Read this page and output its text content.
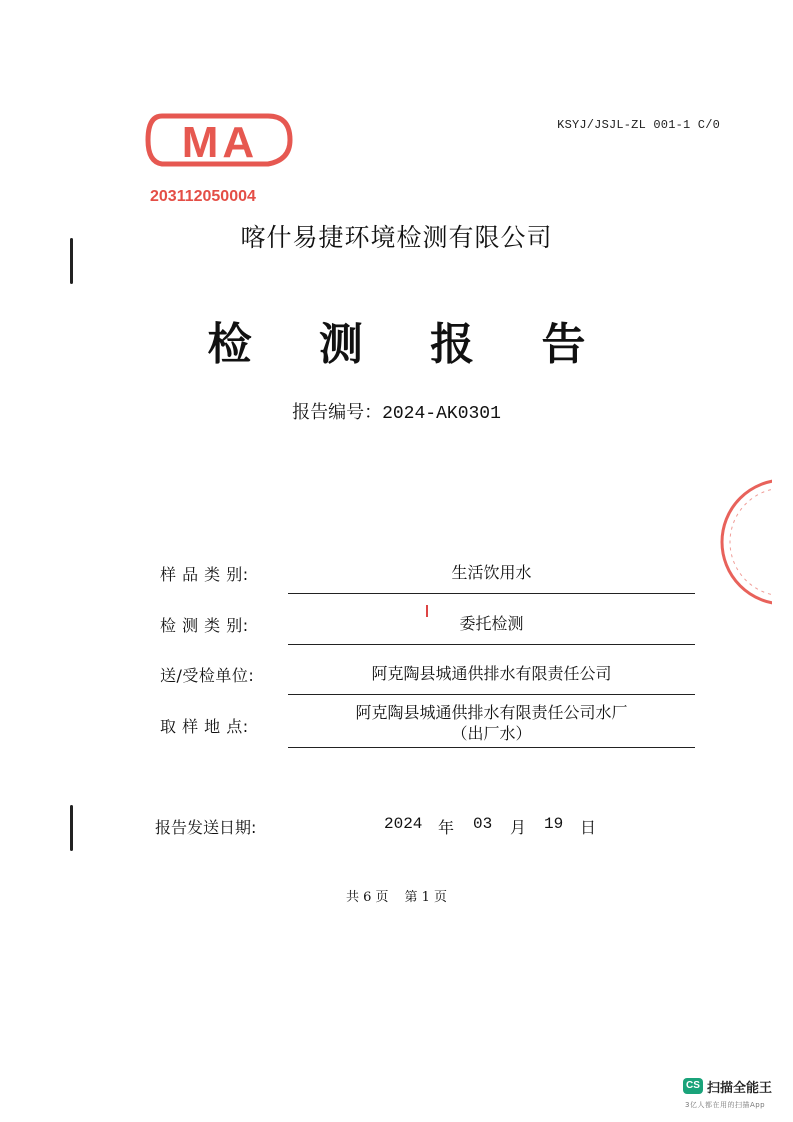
KSYJ/JSJL-ZL 001-1 C/0
MA
203112050004
喀什易捷环境检测有限公司
检 测 报 告
报告编号：2024-AK0301
样 品 类 别:	生活饮用水
检 测 类 别:	委托检测
送/受检单位:	阿克陶县城通供排水有限责任公司
取 样 地 点:
阿克陶县城通供排水有限责任公司水厂
（出厂水）
报告发送日期:	2024 年 03 月 19 日
共 6 页 第 1 页
CS 扫描全能王
3亿人都在用的扫描App
